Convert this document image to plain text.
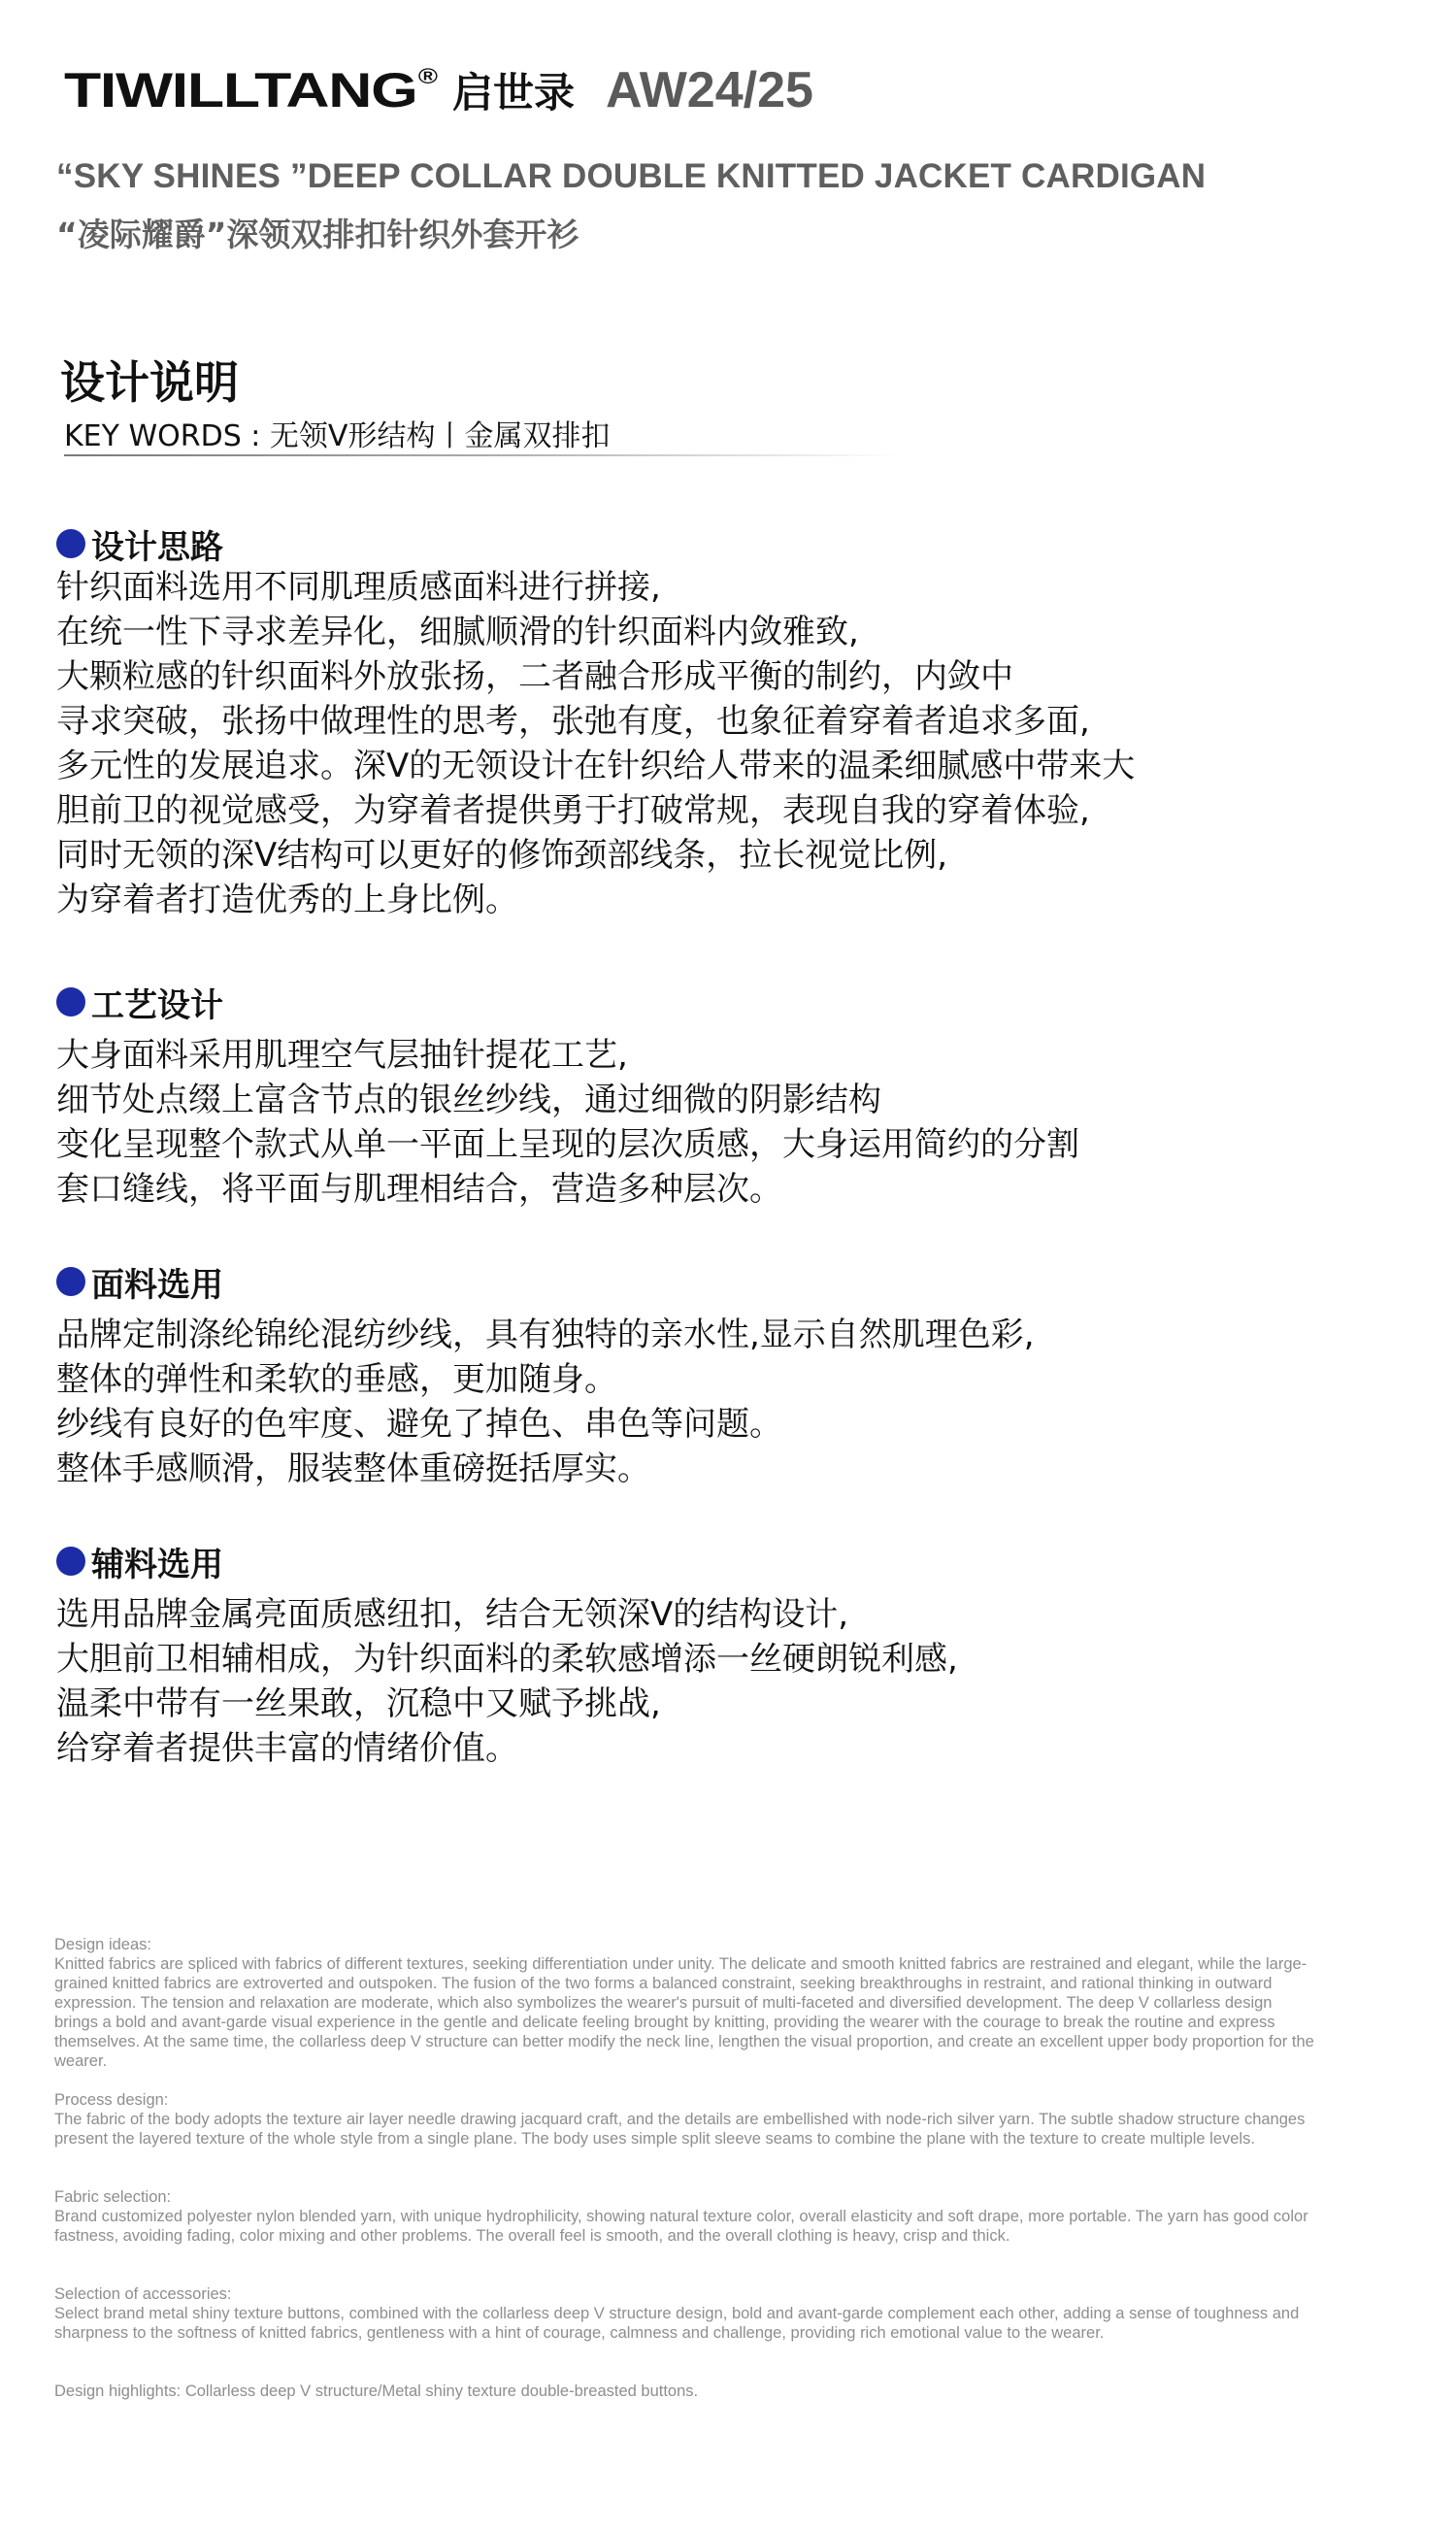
TIWILLTANG® 启世录 AW24/25
“SKY SHINES ”DEEP COLLAR DOUBLE KNITTED JACKET CARDIGAN
“凌际耀爵”深领双排扣针织外套开衫
设计说明
KEY WORDS : 无领V形结构丨金属双排扣
设计思路
针织面料选用不同肌理质感面料进行拼接,
在统一性下寻求差异化，细腻顺滑的针织面料内敛雅致,
大颗粒感的针织面料外放张扬，二者融合形成平衡的制约，内敛中
寻求突破，张扬中做理性的思考，张弛有度，也象征着穿着者追求多面,
多元性的发展追求。深V的无领设计在针织给人带来的温柔细腻感中带来大
胆前卫的视觉感受，为穿着者提供勇于打破常规，表现自我的穿着体验,
同时无领的深V结构可以更好的修饰颈部线条，拉长视觉比例,
为穿着者打造优秀的上身比例。
工艺设计
大身面料采用肌理空气层抽针提花工艺,
细节处点缀上富含节点的银丝纱线，通过细微的阴影结构
变化呈现整个款式从单一平面上呈现的层次质感，大身运用简约的分割
套口缝线，将平面与肌理相结合，营造多种层次。
面料选用
品牌定制涤纶锦纶混纺纱线，具有独特的亲水性,显示自然肌理色彩,
整体的弹性和柔软的垂感，更加随身。
纱线有良好的色牢度、避免了掉色、串色等问题。
整体手感顺滑，服装整体重磅挺括厚实。
辅料选用
选用品牌金属亮面质感纽扣，结合无领深V的结构设计,
大胆前卫相辅相成，为针织面料的柔软感增添一丝硬朗锐利感,
温柔中带有一丝果敢，沉稳中又赋予挑战,
给穿着者提供丰富的情绪价值。
Design ideas:
Knitted fabrics are spliced with fabrics of different textures, seeking differentiation under unity. The delicate and smooth knitted fabrics are restrained and elegant, while the large-grained knitted fabrics are extroverted and outspoken. The fusion of the two forms a balanced constraint, seeking breakthroughs in restraint, and rational thinking in outward expression. The tension and relaxation are moderate, which also symbolizes the wearer's pursuit of multi-faceted and diversified development. The deep V collarless design brings a bold and avant-garde visual experience in the gentle and delicate feeling brought by knitting, providing the wearer with the courage to break the routine and express themselves. At the same time, the collarless deep V structure can better modify the neck line, lengthen the visual proportion, and create an excellent upper body proportion for the wearer.
Process design:
The fabric of the body adopts the texture air layer needle drawing jacquard craft, and the details are embellished with node-rich silver yarn. The subtle shadow structure changes present the layered texture of the whole style from a single plane. The body uses simple split sleeve seams to combine the plane with the texture to create multiple levels.
Fabric selection:
Brand customized polyester nylon blended yarn, with unique hydrophilicity, showing natural texture color, overall elasticity and soft drape, more portable. The yarn has good color fastness, avoiding fading, color mixing and other problems. The overall feel is smooth, and the overall clothing is heavy, crisp and thick.
Selection of accessories:
Select brand metal shiny texture buttons, combined with the collarless deep V structure design, bold and avant-garde complement each other, adding a sense of toughness and sharpness to the softness of knitted fabrics, gentleness with a hint of courage, calmness and challenge, providing rich emotional value to the wearer.
Design highlights: Collarless deep V structure/Metal shiny texture double-breasted buttons.
